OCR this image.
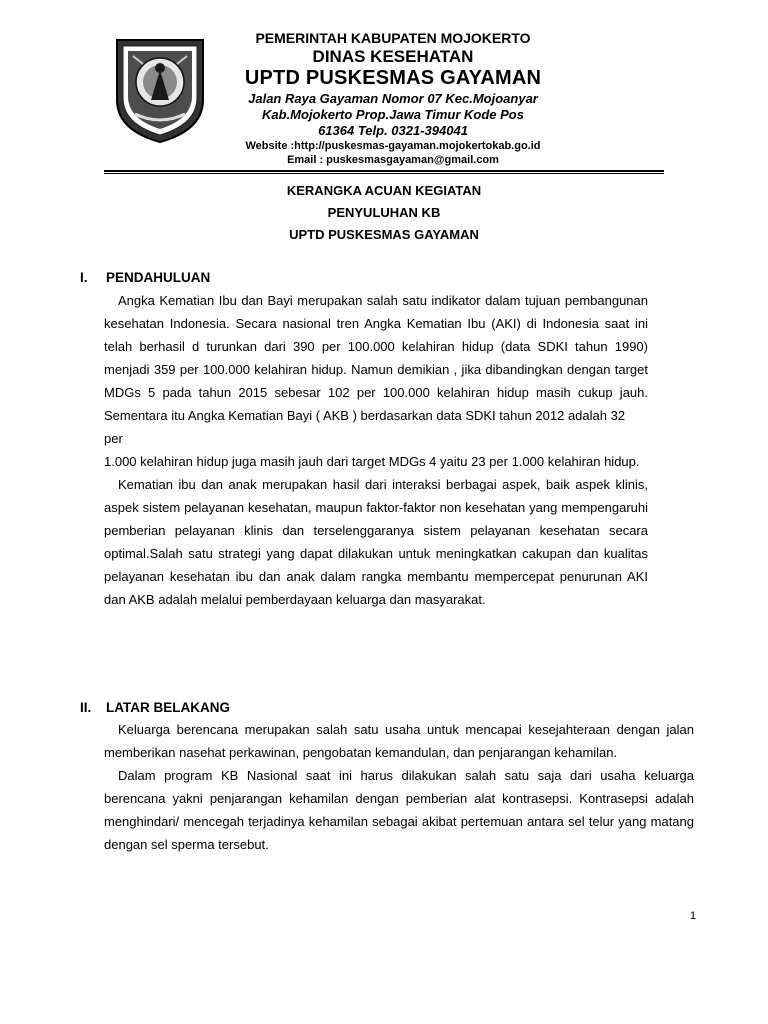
PEMERINTAH KABUPATEN MOJOKERTO
DINAS KESEHATAN
UPTD PUSKESMAS GAYAMAN
Jalan Raya Gayaman Nomor 07 Kec.Mojoanyar
Kab.Mojokerto Prop.Jawa Timur Kode Pos
61364 Telp. 0321-394041
Website :http://puskesmas-gayaman.mojokertokab.go.id
Email : puskesmasgayaman@gmail.com
KERANGKA ACUAN KEGIATAN
PENYULUHAN KB
UPTD PUSKESMAS GAYAMAN
I. PENDAHULUAN

Angka Kematian Ibu dan Bayi merupakan salah satu indikator dalam tujuan pembangunan kesehatan Indonesia. Secara nasional tren Angka Kematian Ibu (AKI) di Indonesia saat ini telah berhasil d turunkan dari 390 per 100.000 kelahiran hidup (data SDKI tahun 1990) menjadi 359 per 100.000 kelahiran hidup. Namun demikian , jika dibandingkan dengan target MDGs 5 pada tahun 2015 sebesar 102 per 100.000 kelahiran hidup masih cukup jauh. Sementara itu Angka Kematian Bayi ( AKB ) berdasarkan data SDKI tahun 2012 adalah 32

per

1.000 kelahiran hidup juga masih jauh dari target MDGs 4 yaitu 23 per 1.000 kelahiran hidup.

Kematian ibu dan anak merupakan hasil dari interaksi berbagai aspek, baik aspek klinis, aspek sistem pelayanan kesehatan, maupun faktor-faktor non kesehatan yang mempengaruhi pemberian pelayanan klinis dan terselenggaranya sistem pelayanan kesehatan secara optimal.Salah satu strategi yang dapat dilakukan untuk meningkatkan cakupan dan kualitas pelayanan kesehatan ibu dan anak dalam rangka membantu mempercepat penurunan AKI dan AKB adalah melalui pemberdayaan keluarga dan masyarakat.

II. LATAR BELAKANG

Keluarga berencana merupakan salah satu usaha untuk mencapai kesejahteraan dengan jalan memberikan nasehat perkawinan, pengobatan kemandulan, dan penjarangan kehamilan.

Dalam program KB Nasional saat ini harus dilakukan salah satu saja dari usaha keluarga berencana yakni penjarangan kehamilan dengan pemberian alat kontrasepsi. Kontrasepsi adalah menghindari/ mencegah terjadinya kehamilan sebagai akibat pertemuan antara sel telur yang matang dengan sel sperma tersebut.

1
